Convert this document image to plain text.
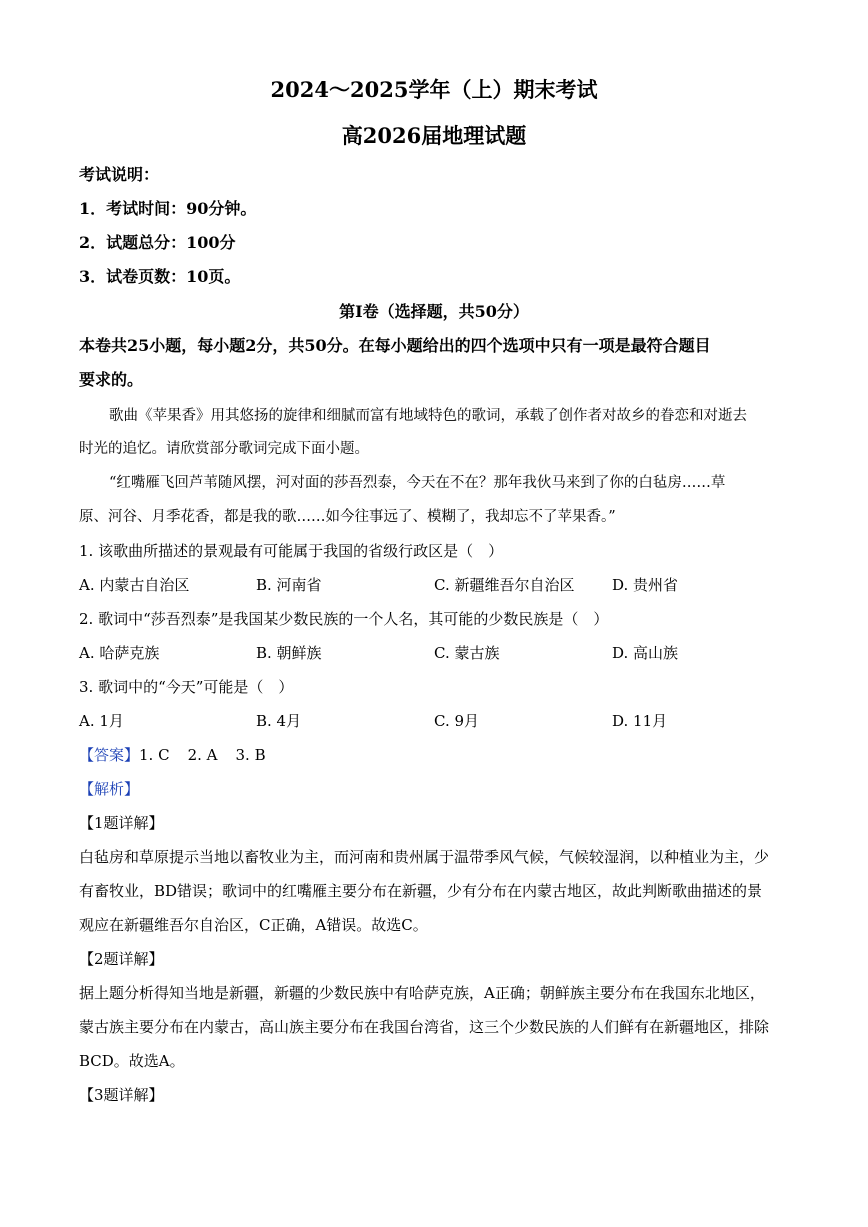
2024～2025学年（上）期末考试
高2026届地理试题
考试说明：
1．考试时间：90分钟。
2．试题总分：100分
3．试卷页数：10页。
第Ⅰ卷（选择题，共50分）
本卷共25小题，每小题2分，共50分。在每小题给出的四个选项中只有一项是最符合题目
要求的。
歌曲《苹果香》用其悠扬的旋律和细腻而富有地域特色的歌词，承载了创作者对故乡的眷恋和对逝去
时光的追忆。请欣赏部分歌词完成下面小题。
“红嘴雁飞回芦苇随风摆，河对面的莎吾烈泰，今天在不在？那年我伙马来到了你的白毡房……草
原、河谷、月季花香，都是我的歌……如今往事远了、模糊了，我却忘不了苹果香。”
1. 该歌曲所描述的景观最有可能属于我国的省级行政区是（　）
A. 内蒙古自治区	B. 河南省	C. 新疆维吾尔自治区	D. 贵州省
2. 歌词中“莎吾烈泰”是我国某少数民族的一个人名，其可能的少数民族是（　）
A. 哈萨克族	B. 朝鲜族	C. 蒙古族	D. 高山族
3. 歌词中的“今天”可能是（　）
A. 1月	B. 4月	C. 9月	D. 11月
【答案】1. C 2. A 3. B
【解析】
【1题详解】
白毡房和草原提示当地以畜牧业为主，而河南和贵州属于温带季风气候，气候较湿润，以种植业为主，少
有畜牧业，BD错误；歌词中的红嘴雁主要分布在新疆，少有分布在内蒙古地区，故此判断歌曲描述的景
观应在新疆维吾尔自治区，C正确，A错误。故选C。
【2题详解】
据上题分析得知当地是新疆，新疆的少数民族中有哈萨克族，A正确；朝鲜族主要分布在我国东北地区，
蒙古族主要分布在内蒙古，高山族主要分布在我国台湾省，这三个少数民族的人们鲜有在新疆地区，排除
BCD。故选A。
【3题详解】
